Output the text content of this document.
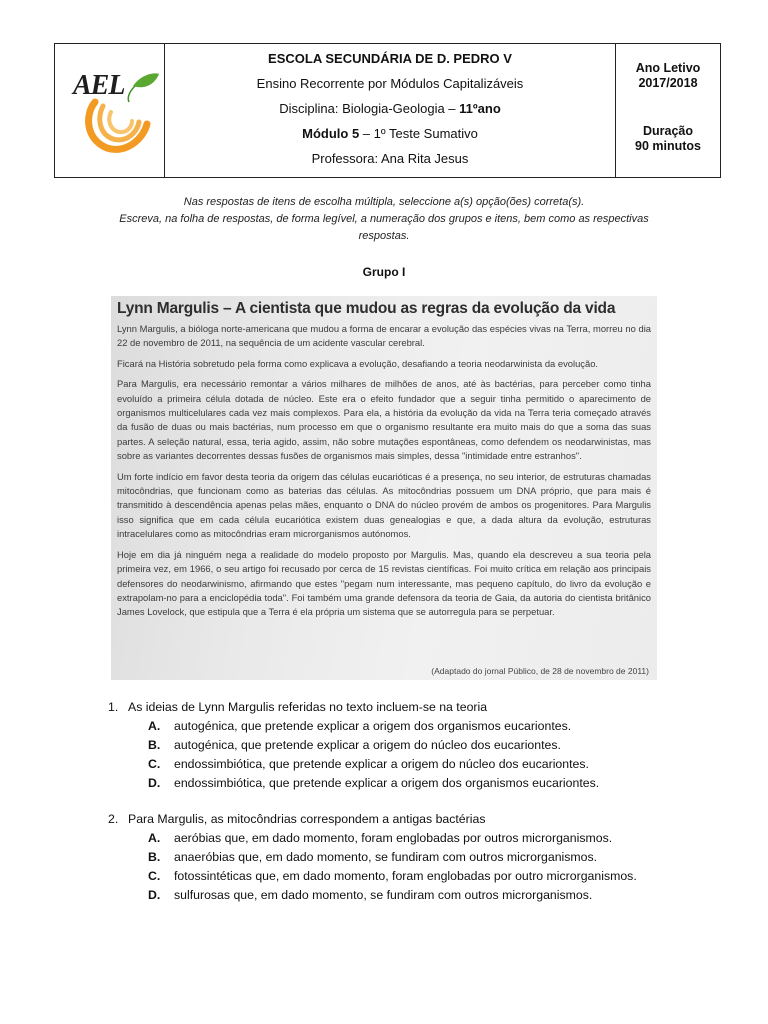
AEL
ESCOLA SECUNDÁRIA DE D. PEDRO V
Ensino Recorrente por Módulos Capitalizáveis
Disciplina: Biologia-Geologia – 11ºano
Módulo 5 – 1º Teste Sumativo
Professora: Ana Rita Jesus
Ano Letivo
2017/2018
Duração
90 minutos
Nas respostas de itens de escolha múltipla, seleccione a(s) opção(ões) correta(s).
Escreva, na folha de respostas, de forma legível, a numeração dos grupos e itens, bem como as respectivas respostas.
Grupo I
Lynn Margulis – A cientista que mudou as regras da evolução da vida

Lynn Margulis, a bióloga norte-americana que mudou a forma de encarar a evolução das espécies vivas na Terra, morreu no dia 22 de novembro de 2011, na sequência de um acidente vascular cerebral.

Ficará na História sobretudo pela forma como explicava a evolução, desafiando a teoria neodarwinista da evolução.

Para Margulis, era necessário remontar a vários milhares de milhões de anos, até às bactérias, para perceber como tinha evoluído a primeira célula dotada de núcleo. Este era o efeito fundador que a seguir tinha permitido o aparecimento de organismos multicelulares cada vez mais complexos. Para ela, a história da evolução da vida na Terra teria começado através da fusão de duas ou mais bactérias, num processo em que o organismo resultante era muito mais do que a soma das suas partes. A seleção natural, essa, teria agido, assim, não sobre mutações espontâneas, como defendem os neodarwinistas, mas sobre as variantes decorrentes dessas fusões de organismos mais simples, dessa "intimidade entre estranhos".

Um forte indício em favor desta teoria da origem das células eucarióticas é a presença, no seu interior, de estruturas chamadas mitocôndrias, que funcionam como as baterias das células. As mitocôndrias possuem um DNA próprio, que para mais é transmitido à descendência apenas pelas mães, enquanto o DNA do núcleo provém de ambos os progenitores. Para Margulis isso significa que em cada célula eucariótica existem duas genealogias e que, a dada altura da evolução, estruturas intracelulares como as mitocôndrias eram microrganismos autónomos.

Hoje em dia já ninguém nega a realidade do modelo proposto por Margulis. Mas, quando ela descreveu a sua teoria pela primeira vez, em 1966, o seu artigo foi recusado por cerca de 15 revistas científicas. Foi muito crítica em relação aos principais defensores do neodarwinismo, afirmando que estes "pegam num interessante, mas pequeno capítulo, do livro da evolução e extrapolam-no para a enciclopédia toda". Foi também uma grande defensora da teoria de Gaia, da autoria do cientista britânico James Lovelock, que estipula que a Terra é ela própria um sistema que se autorregula para se perpetuar.

(Adaptado do jornal Público, de 28 de novembro de 2011)
1. As ideias de Lynn Margulis referidas no texto incluem-se na teoria
A. autogénica, que pretende explicar a origem dos organismos eucariontes.
B. autogénica, que pretende explicar a origem do núcleo dos eucariontes.
C. endossimbiótica, que pretende explicar a origem do núcleo dos eucariontes.
D. endossimbiótica, que pretende explicar a origem dos organismos eucariontes.
2. Para Margulis, as mitocôndrias correspondem a antigas bactérias
A. aeróbias que, em dado momento, foram englobadas por outros microrganismos.
B. anaeróbias que, em dado momento, se fundiram com outros microrganismos.
C. fotossintéticas que, em dado momento, foram englobadas por outro microrganismos.
D. sulfurosas que, em dado momento, se fundiram com outros microrganismos.
